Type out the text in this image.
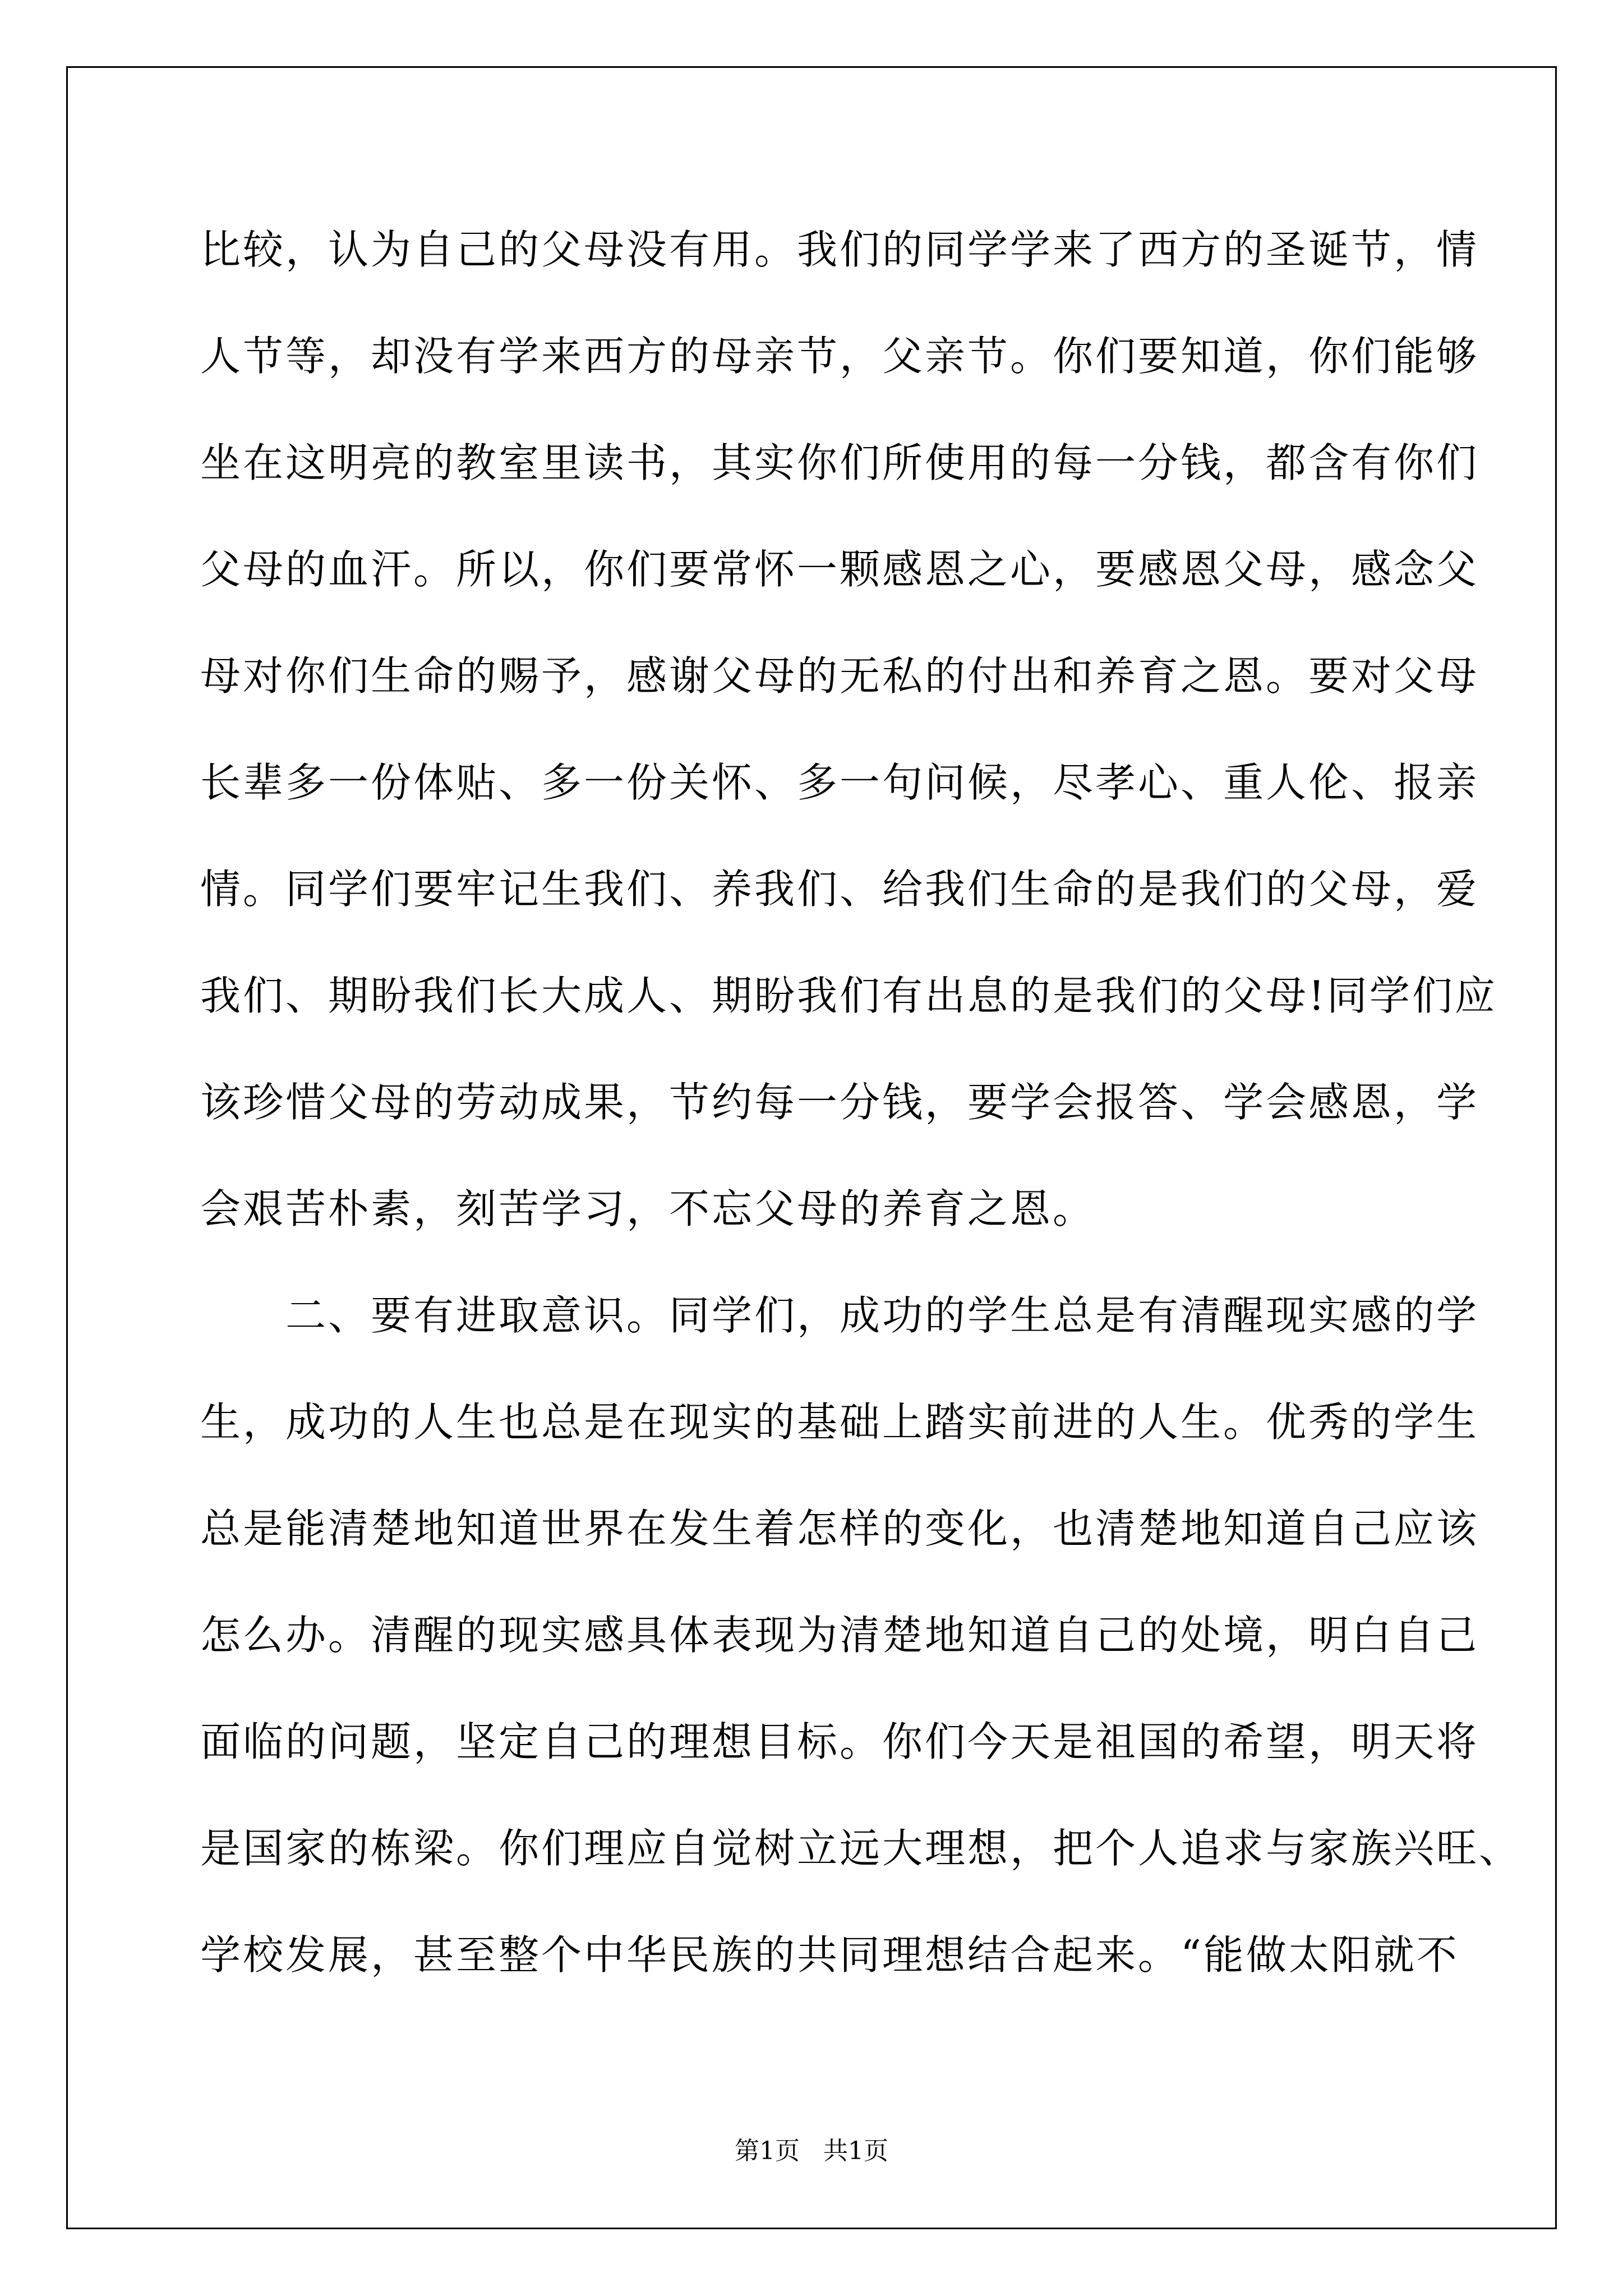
比较，认为自己的父母没有用。我们的同学学来了西方的圣诞节，情
人节等，却没有学来西方的母亲节，父亲节。你们要知道，你们能够
坐在这明亮的教室里读书，其实你们所使用的每一分钱，都含有你们
父母的血汗。所以，你们要常怀一颗感恩之心，要感恩父母，感念父
母对你们生命的赐予，感谢父母的无私的付出和养育之恩。要对父母
长辈多一份体贴、多一份关怀、多一句问候，尽孝心、重人伦、报亲
情。同学们要牢记生我们、养我们、给我们生命的是我们的父母，爱
我们、期盼我们长大成人、期盼我们有出息的是我们的父母!同学们应
该珍惜父母的劳动成果，节约每一分钱，要学会报答、学会感恩，学
会艰苦朴素，刻苦学习，不忘父母的养育之恩。
　　二、要有进取意识。同学们，成功的学生总是有清醒现实感的学
生，成功的人生也总是在现实的基础上踏实前进的人生。优秀的学生
总是能清楚地知道世界在发生着怎样的变化，也清楚地知道自己应该
怎么办。清醒的现实感具体表现为清楚地知道自己的处境，明白自己
面临的问题，坚定自己的理想目标。你们今天是祖国的希望，明天将
是国家的栋梁。你们理应自觉树立远大理想，把个人追求与家族兴旺、
学校发展，甚至整个中华民族的共同理想结合起来。“能做太阳就不
第1页   共1页
